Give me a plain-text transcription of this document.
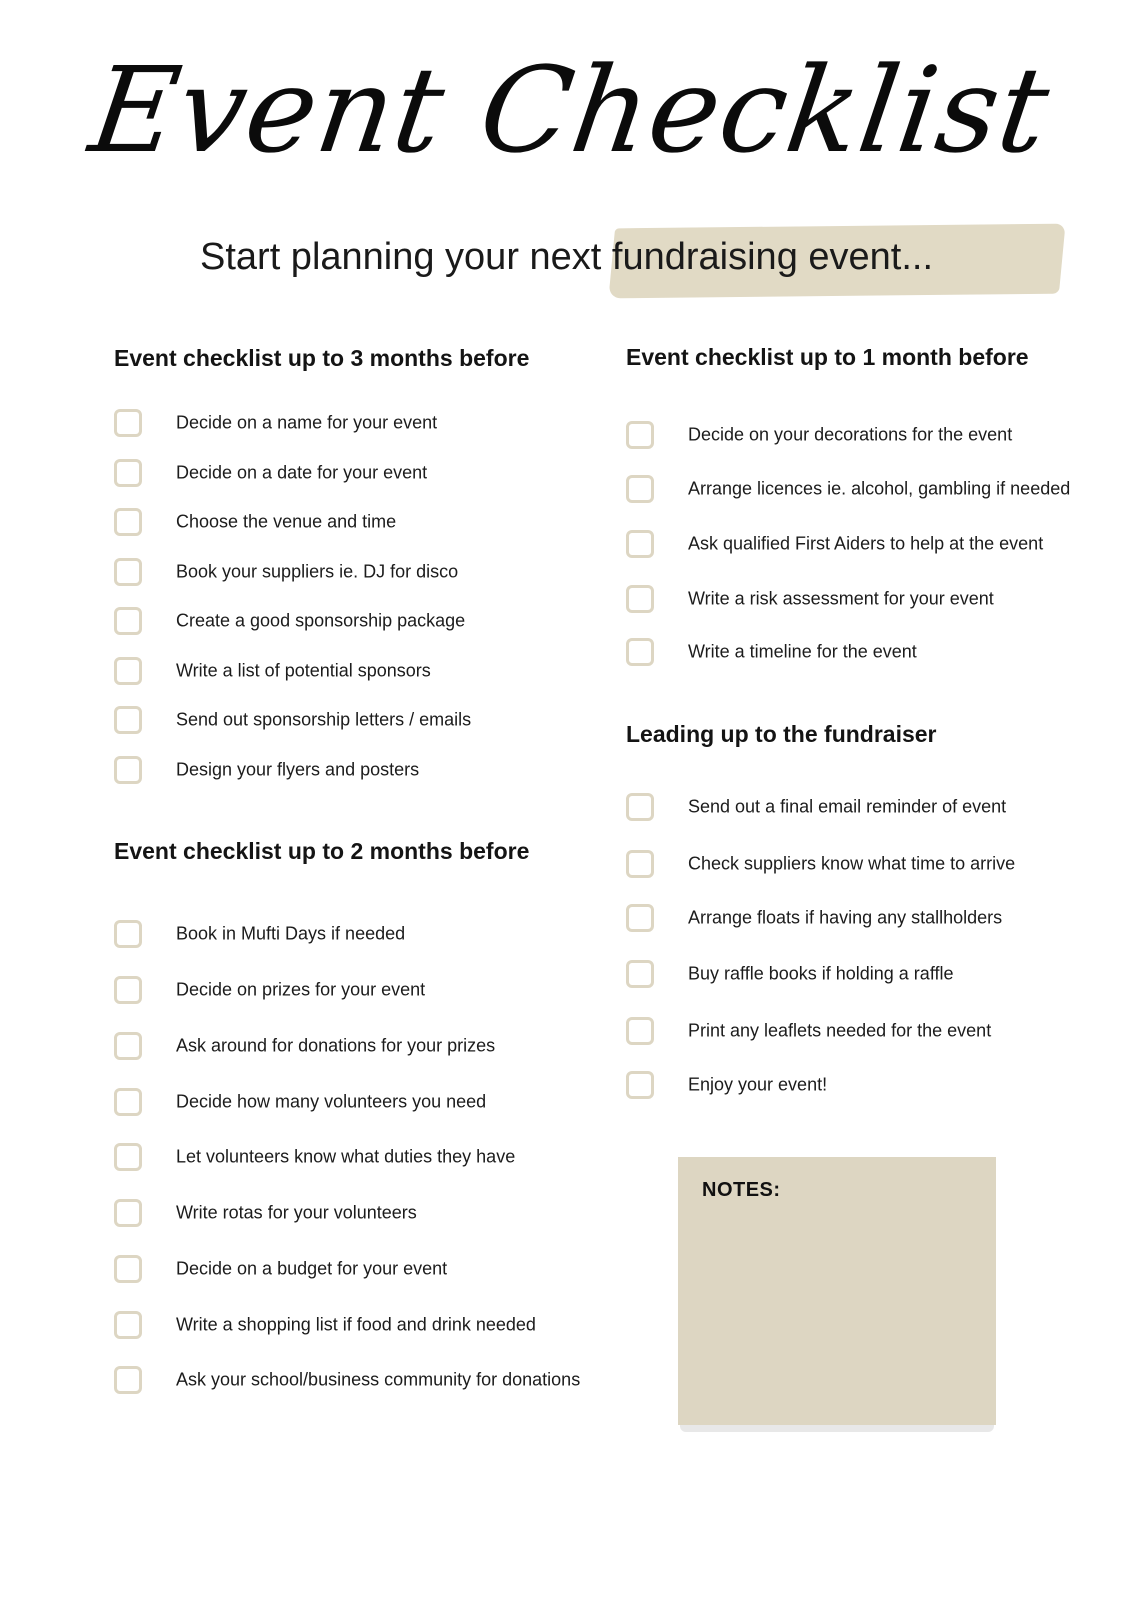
Event Checklist
Start planning your next fundraising event...
Event checklist up to 3 months before
Decide on a name for your event
Decide on a date for your event
Choose the venue and time
Book your suppliers ie. DJ for disco
Create a good sponsorship package
Write a list of potential sponsors
Send out sponsorship letters / emails
Design your flyers and posters
Event checklist up to 2 months before
Book in Mufti Days if needed
Decide on prizes for your event
Ask around for donations for your prizes
Decide how many volunteers you need
Let volunteers know what duties they have
Write rotas for your volunteers
Decide on a budget for your event
Write a shopping list if food and drink needed
Ask your school/business community for donations
Event checklist up to 1 month before
Decide on your decorations for the event
Arrange licences ie. alcohol, gambling if needed
Ask qualified First Aiders to help at the event
Write a risk assessment for your event
Write a timeline for the event
Leading up to the fundraiser
Send out a final email reminder of event
Check suppliers know what time to arrive
Arrange floats if having any stallholders
Buy raffle books if holding a raffle
Print any leaflets needed for the event
Enjoy your event!
NOTES:
